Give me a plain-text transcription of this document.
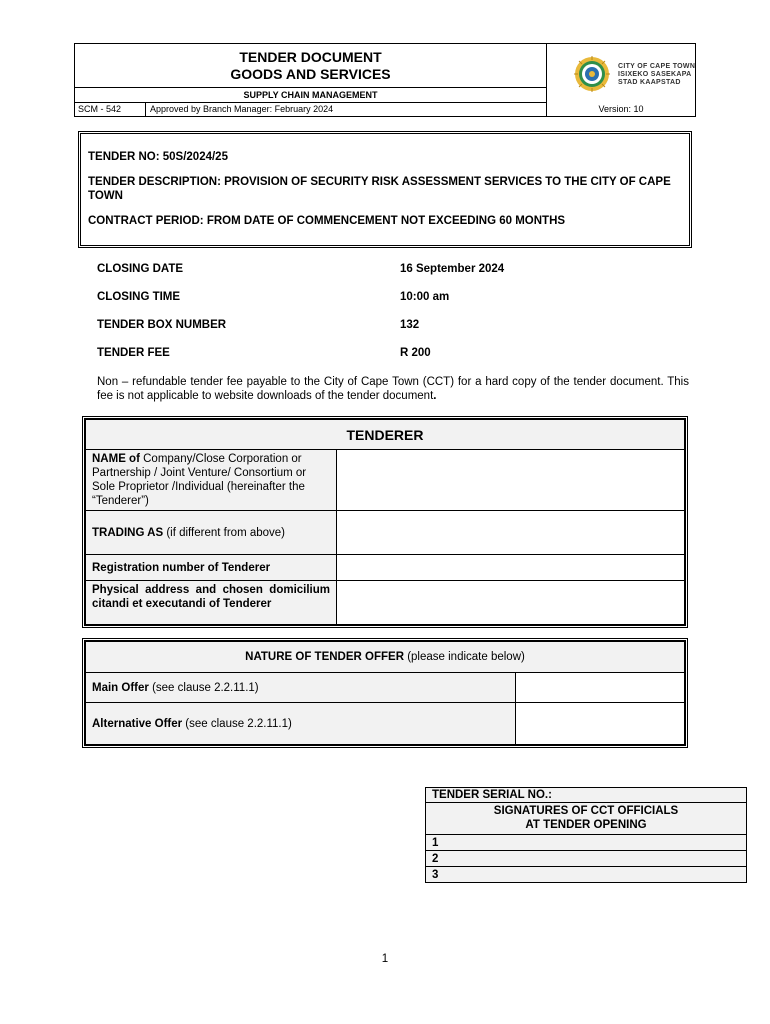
TENDER DOCUMENT
GOODS AND SERVICES
SUPPLY CHAIN MANAGEMENT
SCM - 542	Approved by Branch Manager: February 2024	Version: 10
CITY OF CAPE TOWN
ISIXEKO SASEKAPA
STAD KAAPSTAD

TENDER NO: 50S/2024/25

TENDER DESCRIPTION: PROVISION OF SECURITY RISK ASSESSMENT SERVICES TO THE CITY OF CAPE TOWN

CONTRACT PERIOD: FROM DATE OF COMMENCEMENT NOT EXCEEDING 60 MONTHS

CLOSING DATE	16 September 2024
CLOSING TIME	10:00 am
TENDER BOX NUMBER	132
TENDER FEE	R 200
Non – refundable tender fee payable to the City of Cape Town (CCT) for a hard copy of the tender document. This fee is not applicable to website downloads of the tender document.
TENDERER	
NAME of Company/Close Corporation or Partnership / Joint Venture/ Consortium or Sole Proprietor /Individual (hereinafter the “Tenderer”)	
TRADING AS (if different from above)	
Registration number of Tenderer	
Physical address and chosen domicilium citandi et executandi of Tenderer	
NATURE OF TENDER OFFER (please indicate below)	
Main Offer (see clause 2.2.11.1)	
Alternative Offer (see clause 2.2.11.1)	
TENDER SERIAL NO.:

SIGNATURES OF CCT OFFICIALS
AT TENDER OPENING

1
2
3
1
